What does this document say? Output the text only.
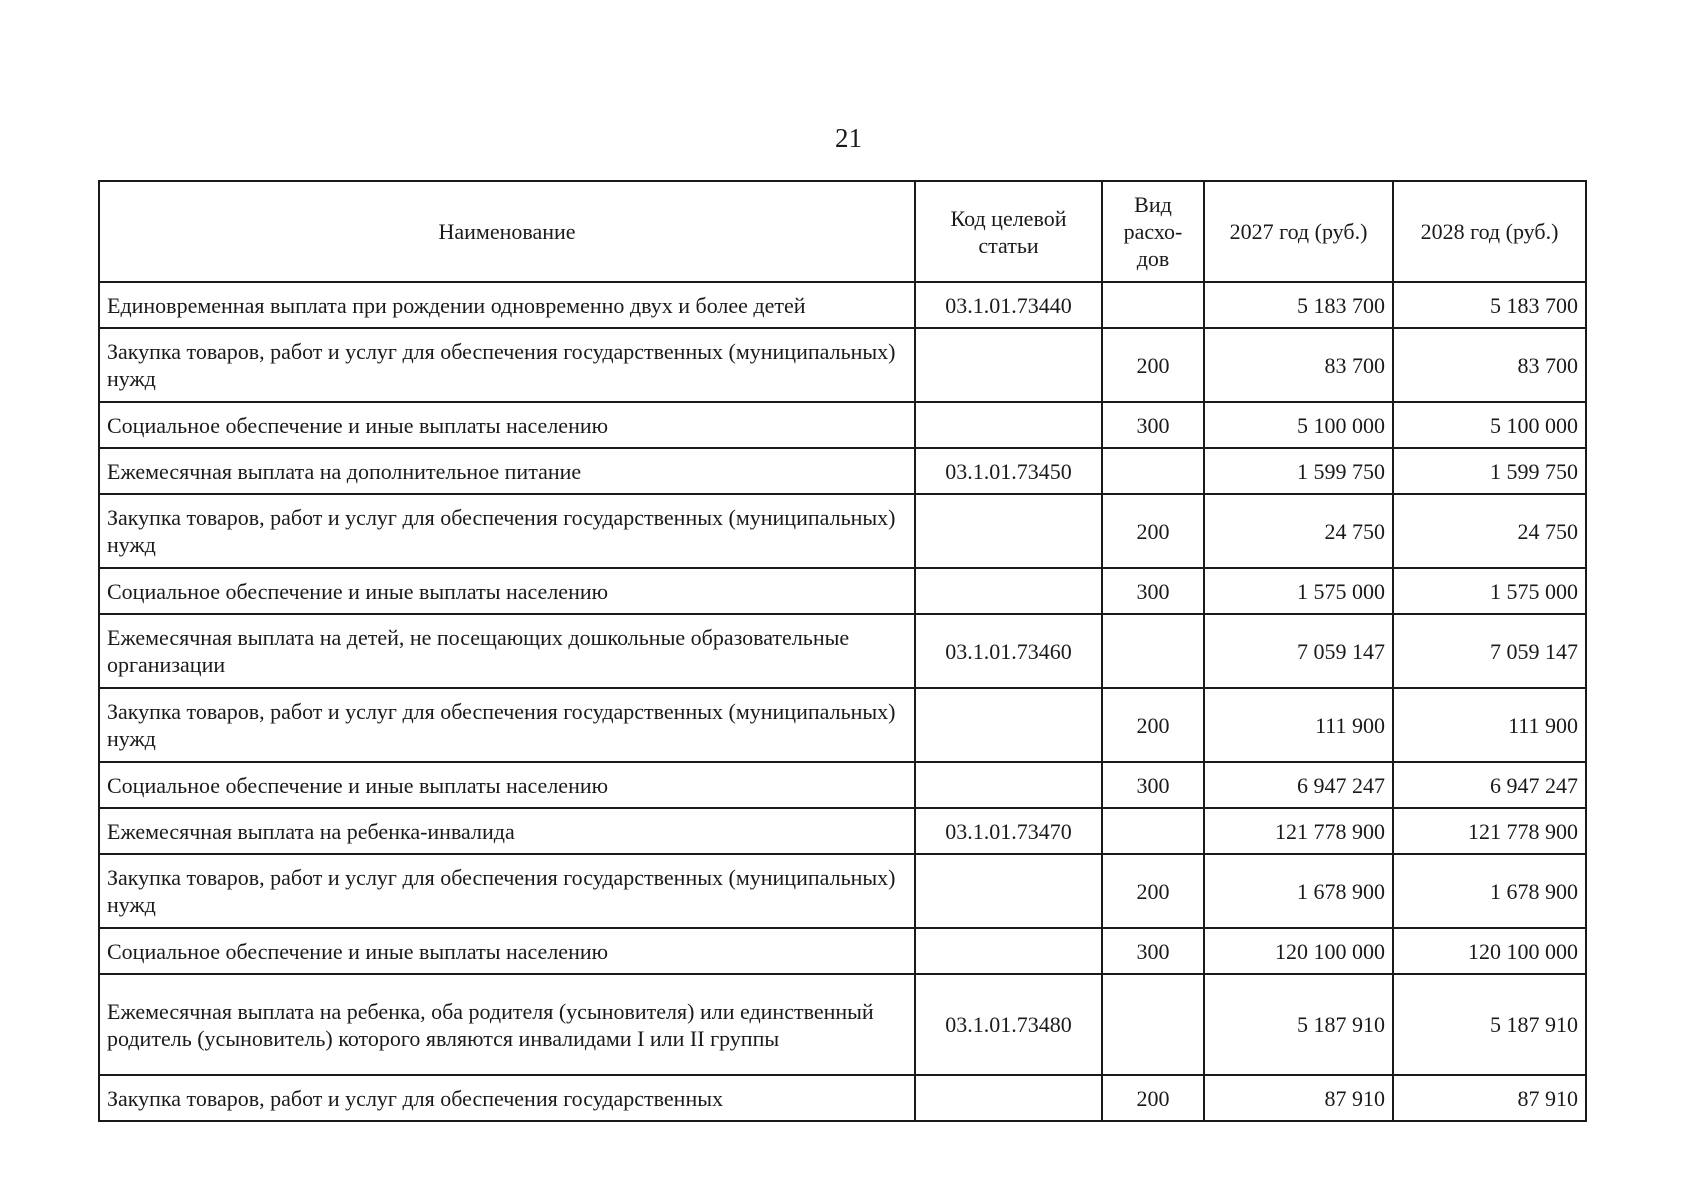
21
Наименование	Код целевой статьи	Вид расхо-дов	2027 год (руб.)	2028 год (руб.)
Единовременная выплата при рождении одновременно двух и более детей	03.1.01.73440		5 183 700	5 183 700
Закупка товаров, работ и услуг для обеспечения государственных (муниципальных) нужд		200	83 700	83 700
Социальное обеспечение и иные выплаты населению		300	5 100 000	5 100 000
Ежемесячная выплата на дополнительное питание	03.1.01.73450		1 599 750	1 599 750
Закупка товаров, работ и услуг для обеспечения государственных (муниципальных) нужд		200	24 750	24 750
Социальное обеспечение и иные выплаты населению		300	1 575 000	1 575 000
Ежемесячная выплата на детей, не посещающих дошкольные образовательные организации	03.1.01.73460		7 059 147	7 059 147
Закупка товаров, работ и услуг для обеспечения государственных (муниципальных) нужд		200	111 900	111 900
Социальное обеспечение и иные выплаты населению		300	6 947 247	6 947 247
Ежемесячная выплата на ребенка-инвалида	03.1.01.73470		121 778 900	121 778 900
Закупка товаров, работ и услуг для обеспечения государственных (муниципальных) нужд		200	1 678 900	1 678 900
Социальное обеспечение и иные выплаты населению		300	120 100 000	120 100 000
Ежемесячная выплата на ребенка, оба родителя (усыновителя) или единственный родитель (усыновитель) которого являются инвалидами I или II группы	03.1.01.73480		5 187 910	5 187 910
Закупка товаров, работ и услуг для обеспечения государственных		200	87 910	87 910
